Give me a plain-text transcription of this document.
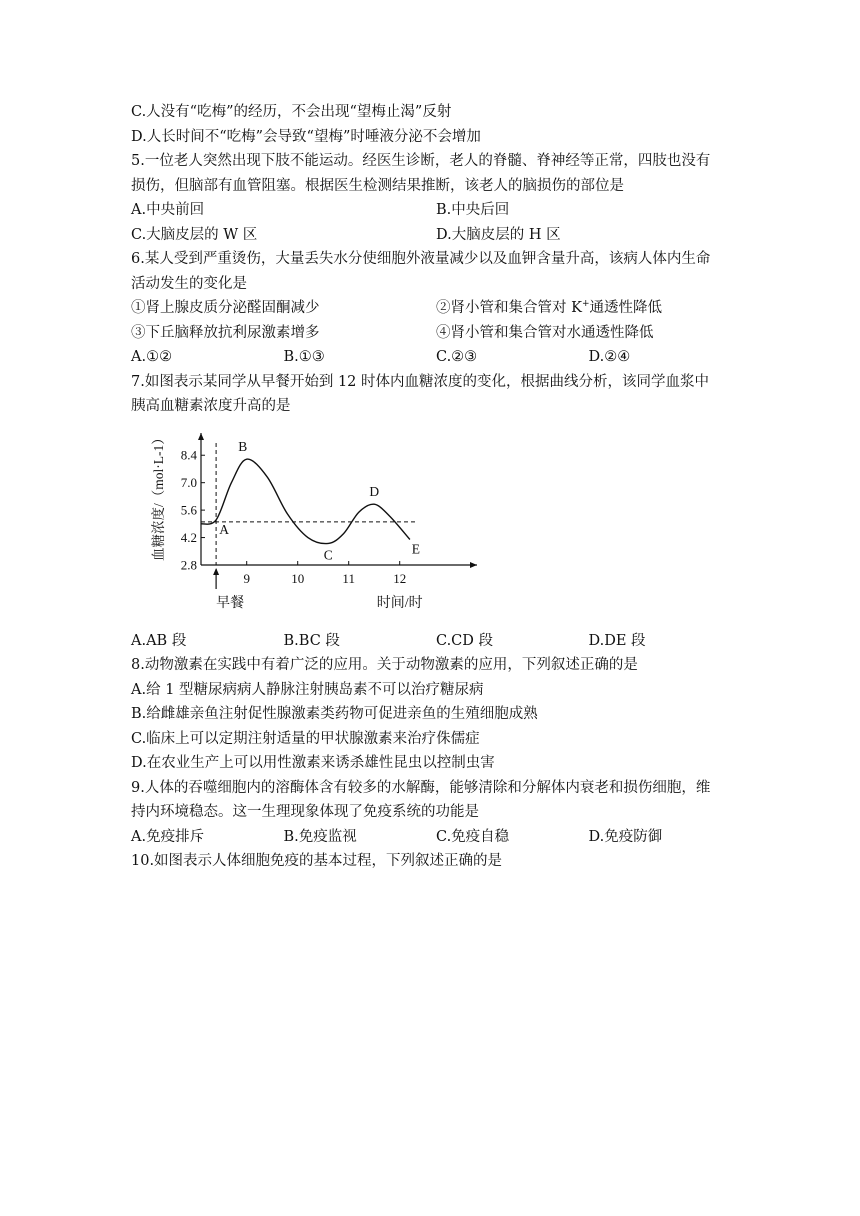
C.人没有“吃梅”的经历，不会出现“望梅止渴”反射
D.人长时间不“吃梅”会导致“望梅”时唾液分泌不会增加
5.一位老人突然出现下肢不能运动。经医生诊断，老人的脊髓、脊神经等正常，四肢也没有
损伤，但脑部有血管阻塞。根据医生检测结果推断，该老人的脑损伤的部位是
A.中央前回	B.中央后回
C.大脑皮层的 W 区	D.大脑皮层的 H 区
6.某人受到严重烫伤，大量丢失水分使细胞外液量减少以及血钾含量升高，该病人体内生命
活动发生的变化是
①肾上腺皮质分泌醛固酮减少	②肾小管和集合管对 K+通透性降低
③下丘脑释放抗利尿激素增多	④肾小管和集合管对水通透性降低
A.①②	B.①③	C.②③	D.②④
7.如图表示某同学从早餐开始到 12 时体内血糖浓度的变化，根据曲线分析，该同学血浆中
胰高血糖素浓度升高的是
2.8
4.2
5.6
7.0
8.4
9	10	11	12
早餐
A
B
C
D
E
时间/时
血糖浓度/（mol·L-1）
A.AB 段	B.BC 段	C.CD 段	D.DE 段
8.动物激素在实践中有着广泛的应用。关于动物激素的应用，下列叙述正确的是
A.给 1 型糖尿病病人静脉注射胰岛素不可以治疗糖尿病
B.给雌雄亲鱼注射促性腺激素类药物可促进亲鱼的生殖细胞成熟
C.临床上可以定期注射适量的甲状腺激素来治疗侏儒症
D.在农业生产上可以用性激素来诱杀雄性昆虫以控制虫害
9.人体的吞噬细胞内的溶酶体含有较多的水解酶，能够清除和分解体内衰老和损伤细胞，维
持内环境稳态。这一生理现象体现了免疫系统的功能是
A.免疫排斥	B.免疫监视	C.免疫自稳	D.免疫防御
10.如图表示人体细胞免疫的基本过程，下列叙述正确的是
